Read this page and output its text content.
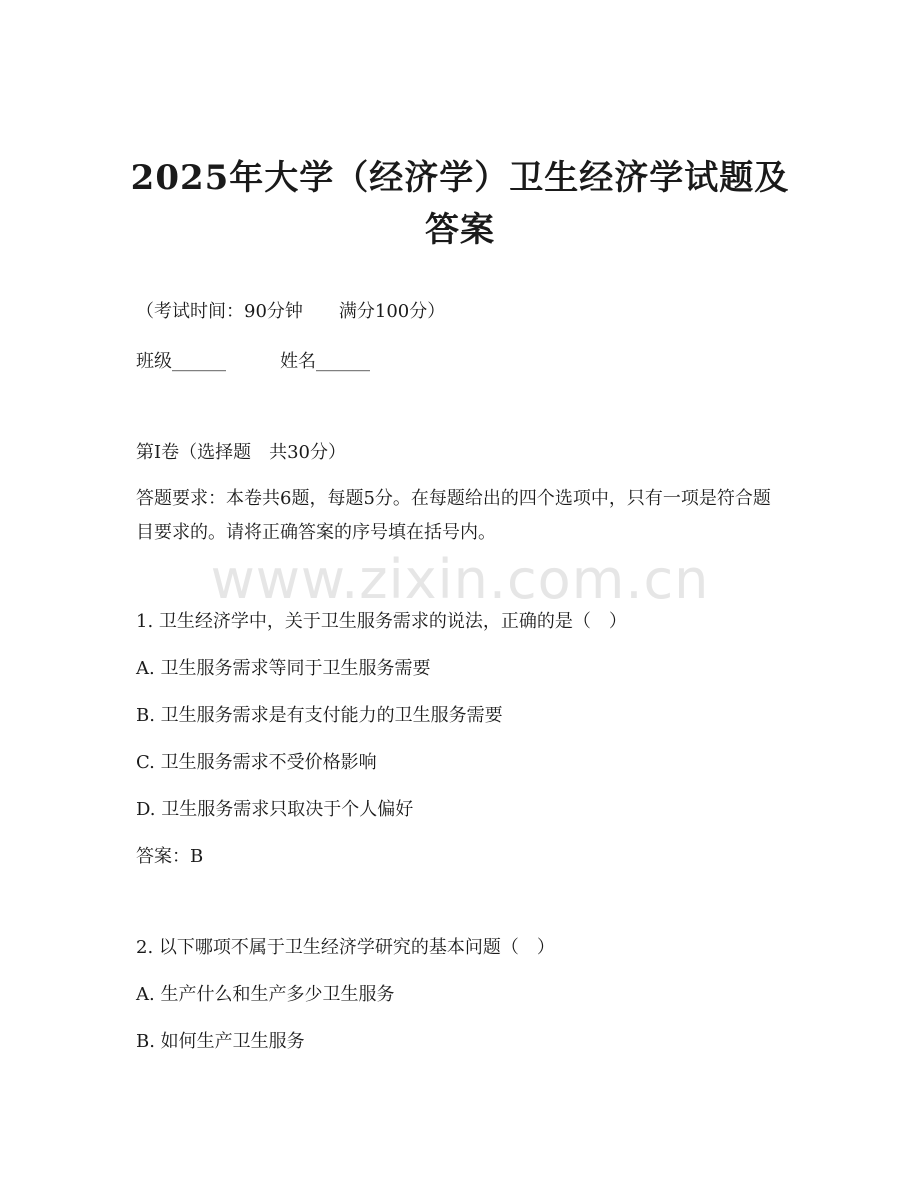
www.zixin.com.cn
2025年大学（经济学）卫生经济学试题及答案
（考试时间：90分钟　　满分100分）
班级______　　　姓名______
第I卷（选择题　共30分）
答题要求：本卷共6题，每题5分。在每题给出的四个选项中，只有一项是符合题目要求的。请将正确答案的序号填在括号内。
1. 卫生经济学中，关于卫生服务需求的说法，正确的是（　）
A. 卫生服务需求等同于卫生服务需要
B. 卫生服务需求是有支付能力的卫生服务需要
C. 卫生服务需求不受价格影响
D. 卫生服务需求只取决于个人偏好
答案：B
2. 以下哪项不属于卫生经济学研究的基本问题（　）
A. 生产什么和生产多少卫生服务
B. 如何生产卫生服务
